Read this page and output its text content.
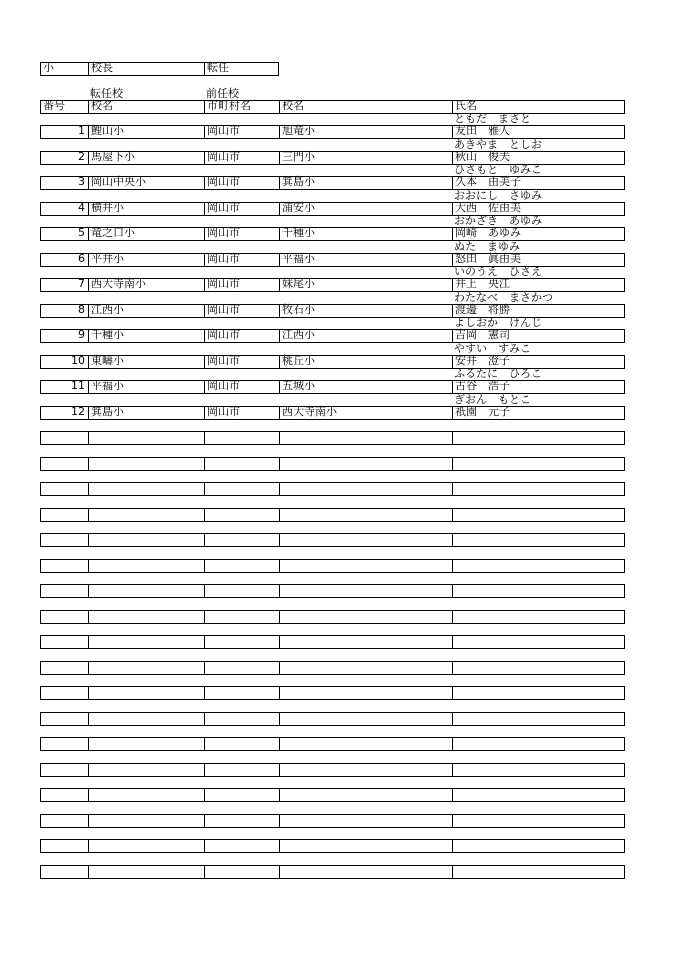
小	校長	転任
転任校	前任校
番号 校名	市町村名	校名	氏名
ともだ　まさと
1 鯉山小	岡山市	旭竜小	友田　雅人
あきやま　としお
2 馬屋下小	岡山市	三門小	秋山　俊夫
ひさもと　ゆみこ
3 岡山中央小	岡山市	箕島小	久本　由美子
おおにし　さゆみ
4 横井小	岡山市	浦安小	大西　佐由美
おかざき　あゆみ
5 竜之口小	岡山市	千種小	岡崎　あゆみ
ぬた　まゆみ
6 平井小	岡山市	平福小	怒田　眞由美
いのうえ　ひさえ
7 西大寺南小	岡山市	妹尾小	井上　央江
わたなべ　まさかつ
8 江西小	岡山市	牧石小	渡邊　将勝
よしおか　けんじ
9 千種小	岡山市	江西小	吉岡　憲司
やすい　すみこ
10 東疇小	岡山市	桃丘小	安井　澄子
ふるたに　ひろこ
11 平福小	岡山市	五城小	古谷　浩子
ぎおん　もとこ
12 箕島小	岡山市	西大寺南小	祇園　元子
